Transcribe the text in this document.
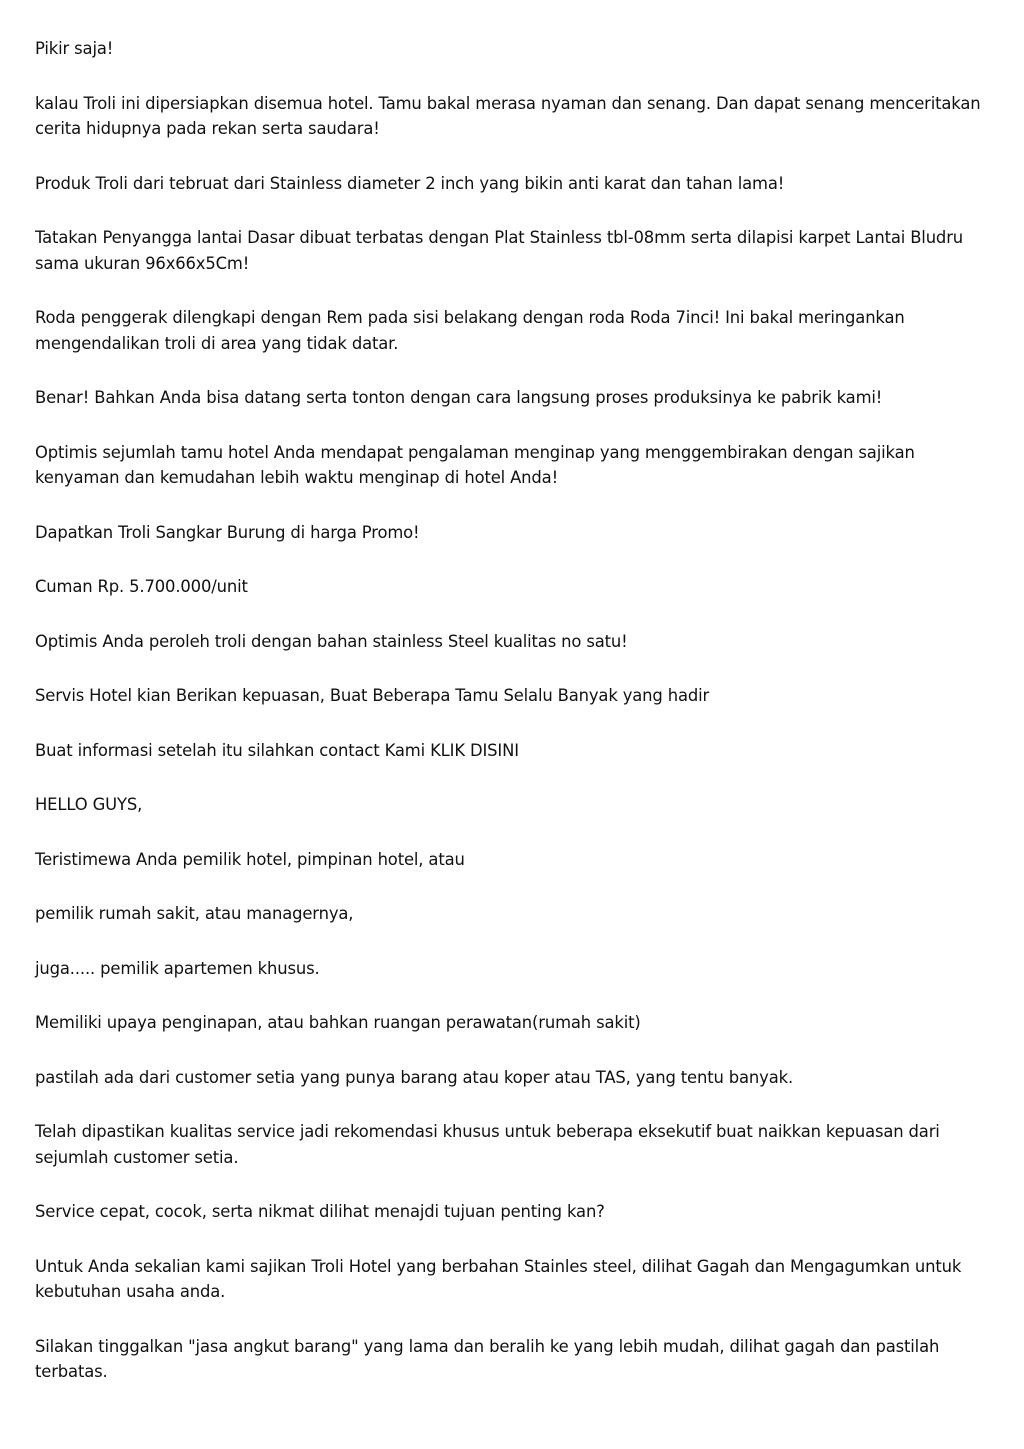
Pikir saja!

kalau Troli ini dipersiapkan disemua hotel. Tamu bakal merasa nyaman dan senang. Dan dapat senang menceritakan cerita hidupnya pada rekan serta saudara!

Produk Troli dari tebruat dari Stainless diameter 2 inch yang bikin anti karat dan tahan lama!

Tatakan Penyangga lantai Dasar dibuat terbatas dengan Plat Stainless tbl-08mm serta dilapisi karpet Lantai Bludru sama ukuran 96x66x5Cm!

Roda penggerak dilengkapi dengan Rem pada sisi belakang dengan roda Roda 7inci! Ini bakal meringankan mengendalikan troli di area yang tidak datar.

Benar! Bahkan Anda bisa datang serta tonton dengan cara langsung proses produksinya ke pabrik kami!

Optimis sejumlah tamu hotel Anda mendapat pengalaman menginap yang menggembirakan dengan sajikan kenyaman dan kemudahan lebih waktu menginap di hotel Anda!

Dapatkan Troli Sangkar Burung di harga Promo!

Cuman Rp. 5.700.000/unit

Optimis Anda peroleh troli dengan bahan stainless Steel kualitas no satu!

Servis Hotel kian Berikan kepuasan, Buat Beberapa Tamu Selalu Banyak yang hadir

Buat informasi setelah itu silahkan contact Kami KLIK DISINI

HELLO GUYS,

Teristimewa Anda pemilik hotel, pimpinan hotel, atau

pemilik rumah sakit, atau managernya,

juga..... pemilik apartemen khusus.

Memiliki upaya penginapan, atau bahkan ruangan perawatan(rumah sakit)

pastilah ada dari customer setia yang punya barang atau koper atau TAS, yang tentu banyak.

Telah dipastikan kualitas service jadi rekomendasi khusus untuk beberapa eksekutif buat naikkan kepuasan dari sejumlah customer setia.

Service cepat, cocok, serta nikmat dilihat menajdi tujuan penting kan?

Untuk Anda sekalian kami sajikan Troli Hotel yang berbahan Stainles steel, dilihat Gagah dan Mengagumkan untuk kebutuhan usaha anda.

Silakan tinggalkan "jasa angkut barang" yang lama dan beralih ke yang lebih mudah, dilihat gagah dan pastilah terbatas.
